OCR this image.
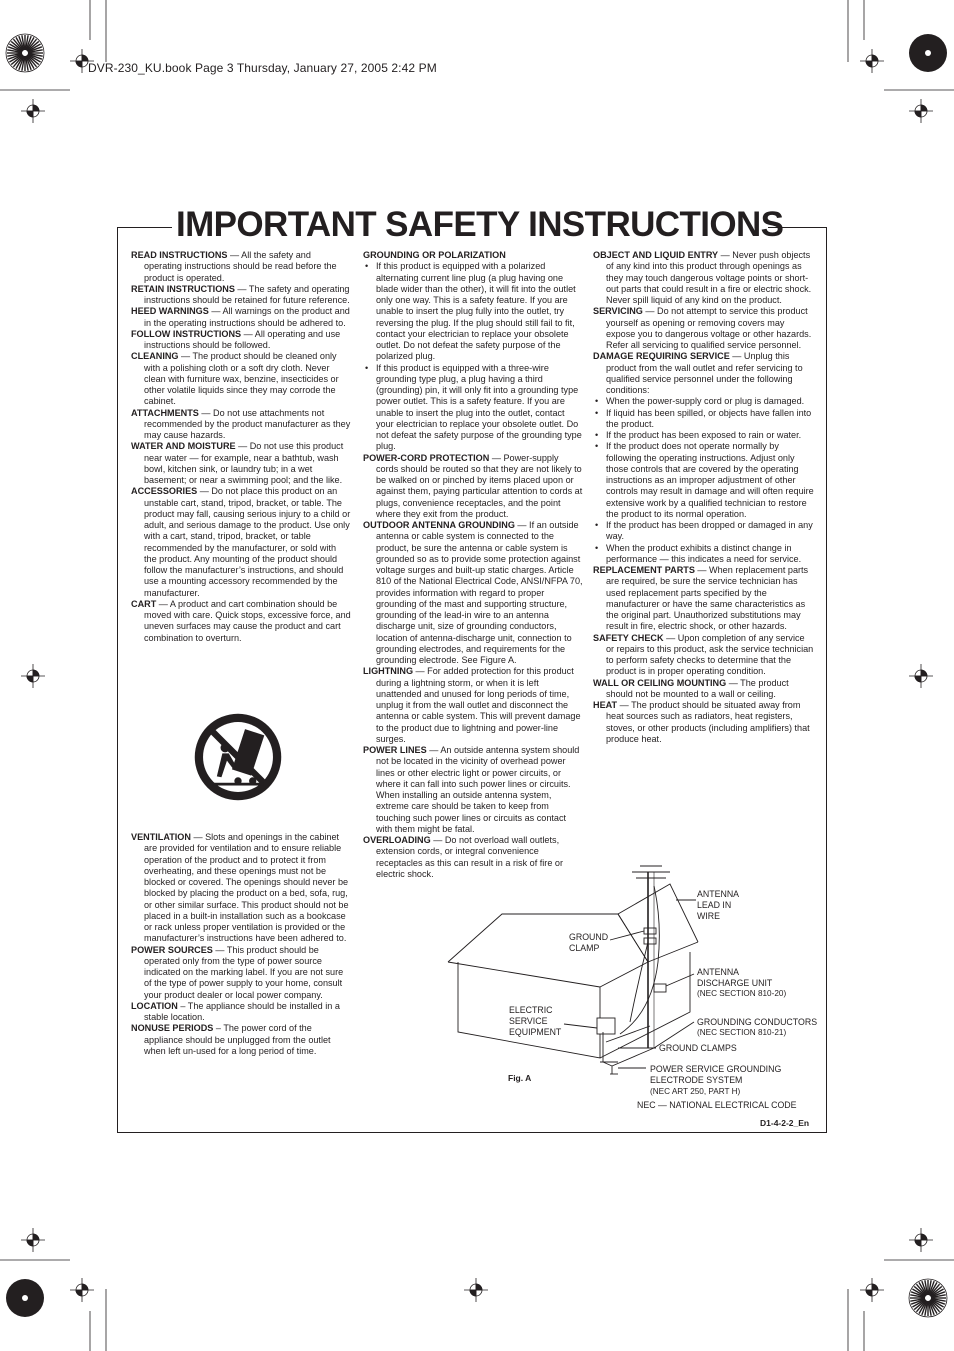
DVR-230_KU.book Page 3 Thursday, January 27, 2005 2:42 PM
IMPORTANT SAFETY INSTRUCTIONS

READ INSTRUCTIONS — All the safety and operating instructions should be read before the product is operated.

RETAIN INSTRUCTIONS — The safety and operating instructions should be retained for future reference.

HEED WARNINGS — All warnings on the product and in the operating instructions should be adhered to.

FOLLOW INSTRUCTIONS — All operating and use instructions should be followed.

CLEANING — The product should be cleaned only with a polishing cloth or a soft dry cloth. Never clean with furniture wax, benzine, insecticides or other volatile liquids since they may corrode the cabinet.

ATTACHMENTS — Do not use attachments not recommended by the product manufacturer as they may cause hazards.

WATER AND MOISTURE — Do not use this product near water — for example, near a bathtub, wash bowl, kitchen sink, or laundry tub; in a wet basement; or near a swimming pool; and the like.

ACCESSORIES — Do not place this product on an unstable cart, stand, tripod, bracket, or table. The product may fall, causing serious injury to a child or adult, and serious damage to the product. Use only with a cart, stand, tripod, bracket, or table recommended by the manufacturer, or sold with the product. Any mounting of the product should follow the manufacturer’s instructions, and should use a mounting accessory recommended by the manufacturer.

CART — A product and cart combination should be moved with care. Quick stops, excessive force, and uneven surfaces may cause the product and cart combination to overturn.

VENTILATION — Slots and openings in the cabinet are provided for ventilation and to ensure reliable operation of the product and to protect it from overheating, and these openings must not be blocked or covered. The openings should never be blocked by placing the product on a bed, sofa, rug, or other similar surface. This product should not be placed in a built-in installation such as a bookcase or rack unless proper ventilation is provided or the manufacturer’s instructions have been adhered to.

POWER SOURCES — This product should be operated only from the type of power source indicated on the marking label. If you are not sure of the type of power supply to your home, consult your product dealer or local power company.

LOCATION – The appliance should be installed in a stable location.

NONUSE PERIODS – The power cord of the appliance should be unplugged from the outlet when left un-used for a long period of time.

GROUNDING OR POLARIZATION

• If this product is equipped with a polarized alternating current line plug (a plug having one blade wider than the other), it will fit into the outlet only one way. This is a safety feature. If you are unable to insert the plug fully into the outlet, try reversing the plug. If the plug should still fail to fit, contact your electrician to replace your obsolete outlet. Do not defeat the safety purpose of the polarized plug.
• If this product is equipped with a three-wire grounding type plug, a plug having a third (grounding) pin, it will only fit into a grounding type power outlet. This is a safety feature. If you are unable to insert the plug into the outlet, contact your electrician to replace your obsolete outlet. Do not defeat the safety purpose of the grounding type plug.

POWER-CORD PROTECTION — Power-supply cords should be routed so that they are not likely to be walked on or pinched by items placed upon or against them, paying particular attention to cords at plugs, convenience receptacles, and the point where they exit from the product.

OUTDOOR ANTENNA GROUNDING — If an outside antenna or cable system is connected to the product, be sure the antenna or cable system is grounded so as to provide some protection against voltage surges and built-up static charges. Article 810 of the National Electrical Code, ANSI/NFPA 70, provides information with regard to proper grounding of the mast and supporting structure, grounding of the lead-in wire to an antenna discharge unit, size of grounding conductors, location of antenna-discharge unit, connection to grounding electrodes, and requirements for the grounding electrode. See Figure A.

LIGHTNING — For added protection for this product during a lightning storm, or when it is left unattended and unused for long periods of time, unplug it from the wall outlet and disconnect the antenna or cable system. This will prevent damage to the product due to lightning and power-line surges.

POWER LINES — An outside antenna system should not be located in the vicinity of overhead power lines or other electric light or power circuits, or where it can fall into such power lines or circuits. When installing an outside antenna system, extreme care should be taken to keep from touching such power lines or circuits as contact with them might be fatal.

OVERLOADING — Do not overload wall outlets, extension cords, or integral convenience receptacles as this can result in a risk of fire or electric shock.

OBJECT AND LIQUID ENTRY — Never push objects of any kind into this product through openings as they may touch dangerous voltage points or short-out parts that could result in a fire or electric shock. Never spill liquid of any kind on the product.

SERVICING — Do not attempt to service this product yourself as opening or removing covers may expose you to dangerous voltage or other hazards. Refer all servicing to qualified service personnel.

DAMAGE REQUIRING SERVICE — Unplug this product from the wall outlet and refer servicing to qualified service personnel under the following conditions:

• When the power-supply cord or plug is damaged.
• If liquid has been spilled, or objects have fallen into the product.
• If the product has been exposed to rain or water.
• If the product does not operate normally by following the operating instructions. Adjust only those controls that are covered by the operating instructions as an improper adjustment of other controls may result in damage and will often require extensive work by a qualified technician to restore the product to its normal operation.
• If the product has been dropped or damaged in any way.
• When the product exhibits a distinct change in performance — this indicates a need for service.

REPLACEMENT PARTS — When replacement parts are required, be sure the service technician has used replacement parts specified by the manufacturer or have the same characteristics as the original part. Unauthorized substitutions may result in fire, electric shock, or other hazards.

SAFETY CHECK — Upon completion of any service or repairs to this product, ask the service technician to perform safety checks to determine that the product is in proper operating condition.

WALL OR CEILING MOUNTING — The product should not be mounted to a wall or ceiling.

HEAT — The product should be situated away from heat sources such as radiators, heat registers, stoves, or other products (including amplifiers) that produce heat.

ANTENNA
LEAD IN
WIRE
GROUND
CLAMP
ANTENNA
DISCHARGE UNIT
(NEC SECTION 810-20)
ELECTRIC
SERVICE
EQUIPMENT
GROUNDING CONDUCTORS
(NEC SECTION 810-21)
GROUND CLAMPS
POWER SERVICE GROUNDING
ELECTRODE SYSTEM
(NEC ART 250, PART H)
Fig. A
NEC — NATIONAL ELECTRICAL CODE
D1-4-2-2_En
